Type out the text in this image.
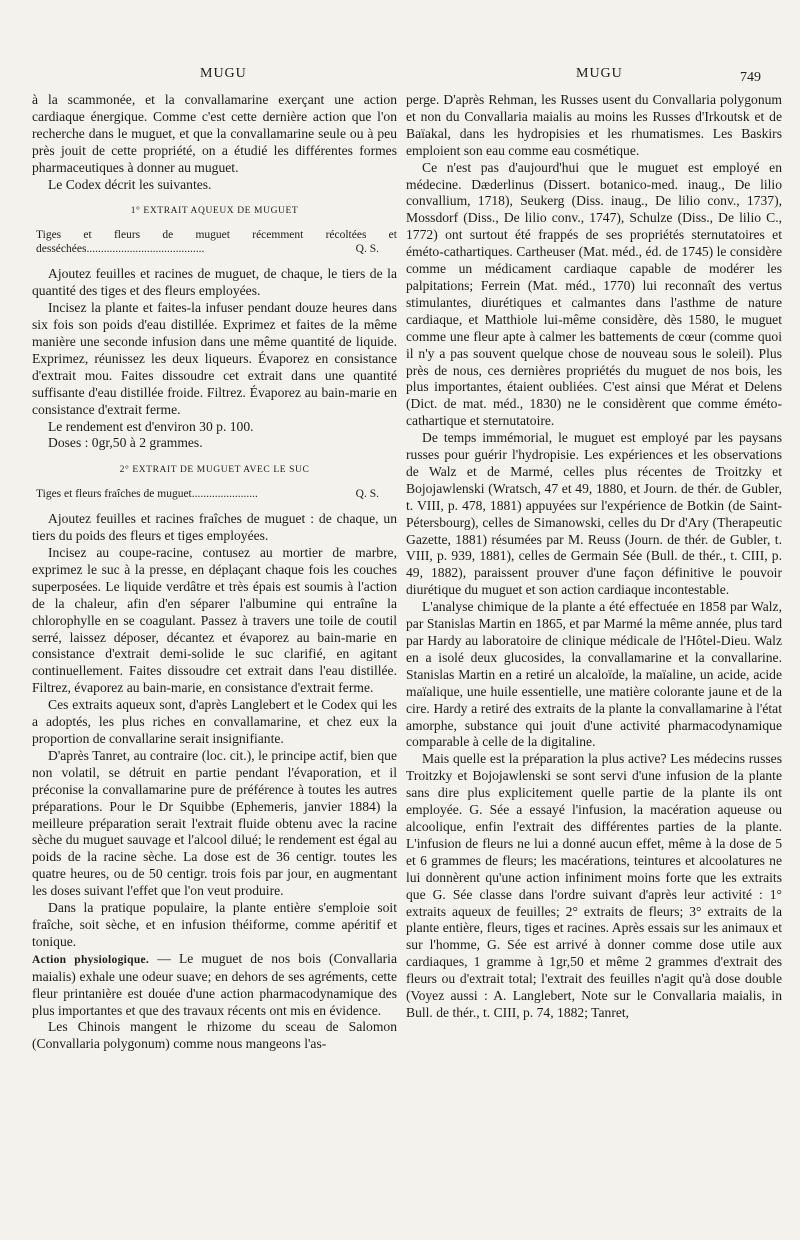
MUGU	MUGU	749

à la scammonée, et la convallamarine exerçant une action cardiaque énergique. Comme c'est cette dernière action que l'on recherche dans le muguet, et que la convallamarine seule ou à peu près jouit de cette propriété, on a étudié les différentes formes pharmaceutiques à donner au muguet.

Le Codex décrit les suivantes.

1° EXTRAIT AQUEUX DE MUGUET
Tiges et fleurs de muguet récemment récoltées et desséchées.........................................	Q. S.

Ajoutez feuilles et racines de muguet, de chaque, le tiers de la quantité des tiges et des fleurs employées.

Incisez la plante et faites-la infuser pendant douze heures dans six fois son poids d'eau distillée. Exprimez et faites de la même manière une seconde infusion dans une même quantité de liquide. Exprimez, réunissez les deux liqueurs. Évaporez en consistance d'extrait mou. Faites dissoudre cet extrait dans une quantité suffisante d'eau distillée froide. Filtrez. Évaporez au bain-marie en consistance d'extrait ferme.

Le rendement est d'environ 30 p. 100.

Doses : 0gr,50 à 2 grammes.

2° EXTRAIT DE MUGUET AVEC LE SUC
Tiges et fleurs fraîches de muguet.......................	Q. S.

Ajoutez feuilles et racines fraîches de muguet : de chaque, un tiers du poids des fleurs et tiges employées.

Incisez au coupe-racine, contusez au mortier de marbre, exprimez le suc à la presse, en déplaçant chaque fois les couches superposées. Le liquide verdâtre et très épais est soumis à l'action de la chaleur, afin d'en séparer l'albumine qui entraîne la chlorophylle en se coagulant. Passez à travers une toile de coutil serré, laissez déposer, décantez et évaporez au bain-marie en consistance d'extrait demi-solide le suc clarifié, en agitant continuellement. Faites dissoudre cet extrait dans l'eau distillée. Filtrez, évaporez au bain-marie, en consistance d'extrait ferme.

Ces extraits aqueux sont, d'après Langlebert et le Codex qui les a adoptés, les plus riches en convallamarine, et chez eux la proportion de convallarine serait insignifiante.

D'après Tanret, au contraire (loc. cit.), le principe actif, bien que non volatil, se détruit en partie pendant l'évaporation, et il préconise la convallamarine pure de préférence à toutes les autres préparations. Pour le Dr Squibbe (Ephemeris, janvier 1884) la meilleure préparation serait l'extrait fluide obtenu avec la racine sèche du muguet sauvage et l'alcool dilué; le rendement est égal au poids de la racine sèche. La dose est de 36 centigr. toutes les quatre heures, ou de 50 centigr. trois fois par jour, en augmentant les doses suivant l'effet que l'on veut produire.

Dans la pratique populaire, la plante entière s'emploie soit fraîche, soit sèche, et en infusion théiforme, comme apéritif et tonique.

Action physiologique. — Le muguet de nos bois (Convallaria maialis) exhale une odeur suave; en dehors de ses agréments, cette fleur printanière est douée d'une action pharmacodynamique des plus importantes et que des travaux récents ont mis en évidence.

Les Chinois mangent le rhizome du sceau de Salomon (Convallaria polygonum) comme nous mangeons l'as-

perge. D'après Rehman, les Russes usent du Convallaria polygonum et non du Convallaria maialis au moins les Russes d'Irkoutsk et de Baïakal, dans les hydropisies et les rhumatismes. Les Baskirs emploient son eau comme eau cosmétique.

Ce n'est pas d'aujourd'hui que le muguet est employé en médecine. Dæderlinus (Dissert. botanico-med. inaug., De lilio convallium, 1718), Seukerg (Diss. inaug., De lilio conv., 1737), Mossdorf (Diss., De lilio conv., 1747), Schulze (Diss., De lilio C., 1772) ont surtout été frappés de ses propriétés sternutatoires et éméto-cathartiques. Cartheuser (Mat. méd., éd. de 1745) le considère comme un médicament cardiaque capable de modérer les palpitations; Ferrein (Mat. méd., 1770) lui reconnaît des vertus stimulantes, diurétiques et calmantes dans l'asthme de nature cardiaque, et Matthiole lui-même considère, dès 1580, le muguet comme une fleur apte à calmer les battements de cœur (comme quoi il n'y a pas souvent quelque chose de nouveau sous le soleil). Plus près de nous, ces dernières propriétés du muguet de nos bois, les plus importantes, étaient oubliées. C'est ainsi que Mérat et Delens (Dict. de mat. méd., 1830) ne le considèrent que comme éméto-cathartique et sternutatoire.

De temps immémorial, le muguet est employé par les paysans russes pour guérir l'hydropisie. Les expériences et les observations de Walz et de Marmé, celles plus récentes de Troitzky et Bojojawlenski (Wratsch, 47 et 49, 1880, et Journ. de thér. de Gubler, t. VIII, p. 478, 1881) appuyées sur l'expérience de Botkin (de Saint-Pétersbourg), celles de Simanowski, celles du Dr d'Ary (Therapeutic Gazette, 1881) résumées par M. Reuss (Journ. de thér. de Gubler, t. VIII, p. 939, 1881), celles de Germain Sée (Bull. de thér., t. CIII, p. 49, 1882), paraissent prouver d'une façon définitive le pouvoir diurétique du muguet et son action cardiaque incontestable.

L'analyse chimique de la plante a été effectuée en 1858 par Walz, par Stanislas Martin en 1865, et par Marmé la même année, plus tard par Hardy au laboratoire de clinique médicale de l'Hôtel-Dieu. Walz en a isolé deux glucosides, la convallamarine et la convallarine. Stanislas Martin en a retiré un alcaloïde, la maïaline, un acide, acide maïalique, une huile essentielle, une matière colorante jaune et de la cire. Hardy a retiré des extraits de la plante la convallamarine à l'état amorphe, substance qui jouit d'une activité pharmacodynamique comparable à celle de la digitaline.

Mais quelle est la préparation la plus active? Les médecins russes Troitzky et Bojojawlenski se sont servi d'une infusion de la plante sans dire plus explicitement quelle partie de la plante ils ont employée. G. Sée a essayé l'infusion, la macération aqueuse ou alcoolique, enfin l'extrait des différentes parties de la plante. L'infusion de fleurs ne lui a donné aucun effet, même à la dose de 5 et 6 grammes de fleurs; les macérations, teintures et alcoolatures ne lui donnèrent qu'une action infiniment moins forte que les extraits que G. Sée classe dans l'ordre suivant d'après leur activité : 1° extraits aqueux de feuilles; 2° extraits de fleurs; 3° extraits de la plante entière, fleurs, tiges et racines. Après essais sur les animaux et sur l'homme, G. Sée est arrivé à donner comme dose utile aux cardiaques, 1 gramme à 1gr,50 et même 2 grammes d'extrait des fleurs ou d'extrait total; l'extrait des feuilles n'agit qu'à dose double (Voyez aussi : A. Langlebert, Note sur le Convallaria maialis, in Bull. de thér., t. CIII, p. 74, 1882; Tanret,
